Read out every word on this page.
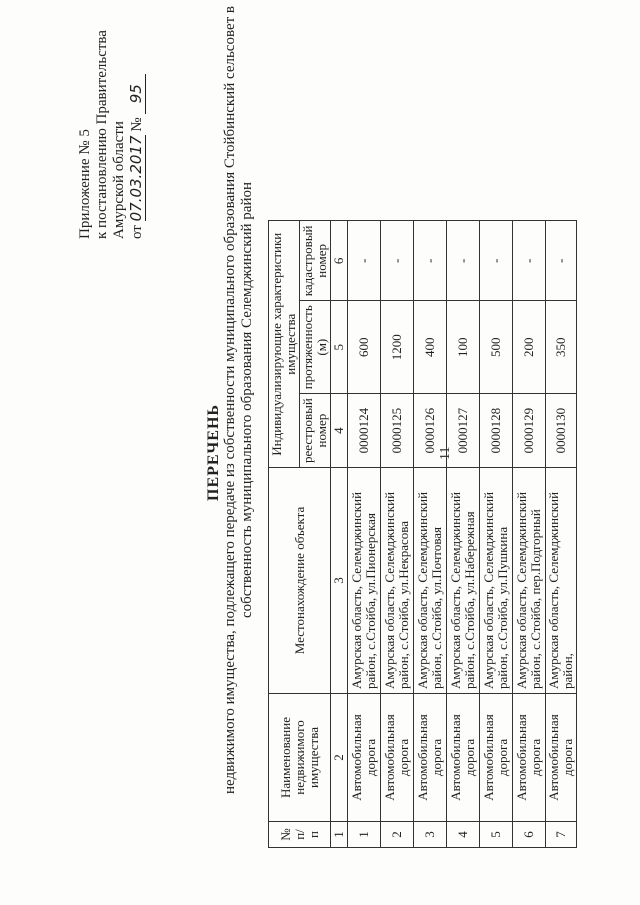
11
Приложение № 5 к постановлению Правительства Амурской области от 07.03.2017 № 95
ПЕРЕЧЕНЬ недвижимого имущества, подлежащего передаче из собственности муниципального образования Стойбинский сельсовет в собственность муниципального образования Селемджинский район
№ п/п	Наименование недвижимого имущества	Местонахождение объекта	Индивидуализирующие характеристики имущества		
			реестровый номер	протяженность (м)	кадастровый номер
1	2	3	4	5	6
1	Автомобильная дорога	Амурская область, Селемджинский район, с.Стойба, ул.Пионерская	0000124	600	-
2	Автомобильная дорога	Амурская область, Селемджинский район, с.Стойба, ул.Некрасова	0000125	1200	-
3	Автомобильная дорога	Амурская область, Селемджинский район, с.Стойба, ул.Почтовая	0000126	400	-
4	Автомобильная дорога	Амурская область, Селемджинский район, с.Стойба, ул.Набережная	0000127	100	-
5	Автомобильная дорога	Амурская область, Селемджинский район, с.Стойба, ул.Пушкина	0000128	500	-
6	Автомобильная дорога	Амурская область, Селемджинский район, с.Стойба, пер.Подгорный	0000129	200	-
7	Автомобильная дорога	Амурская область, Селемджинский район,	0000130	350	-
